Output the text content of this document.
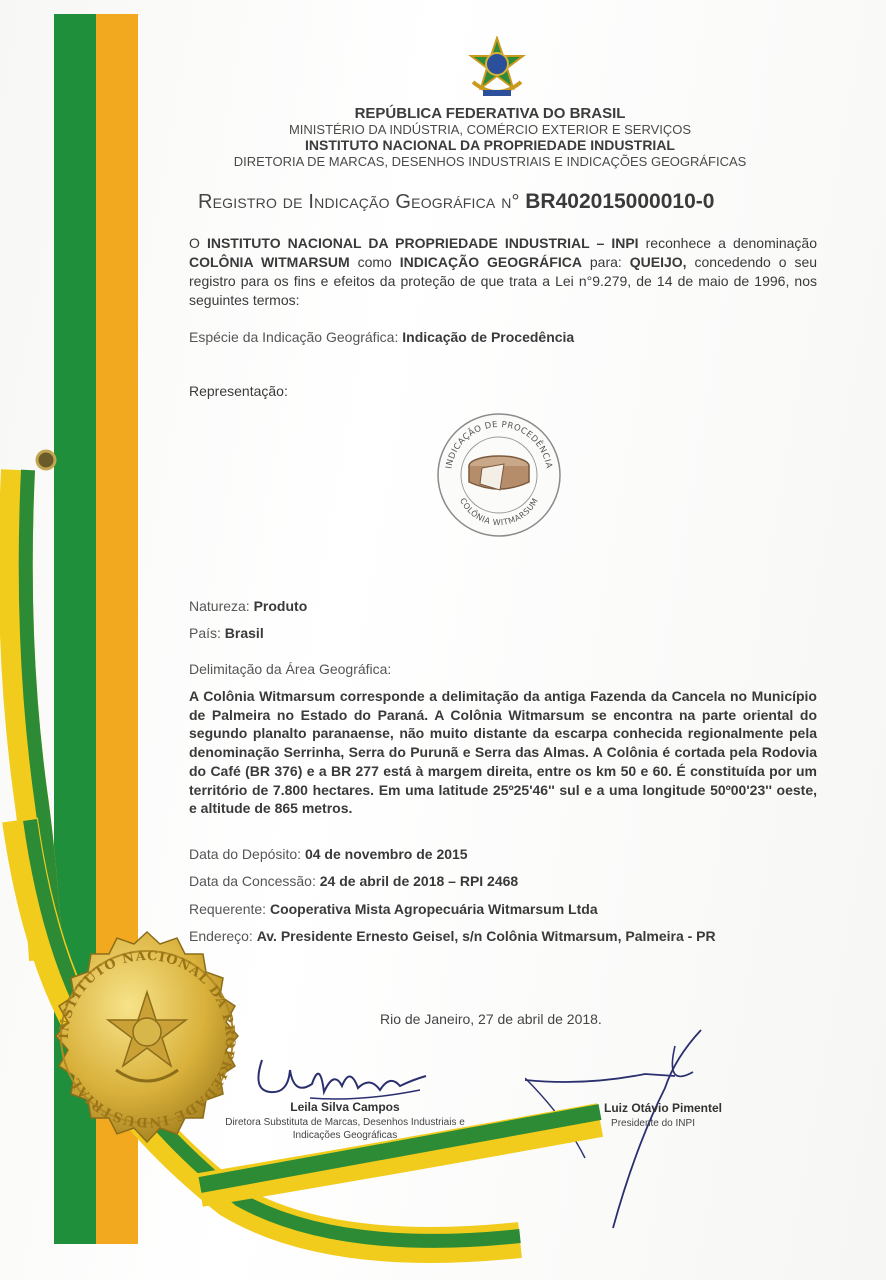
REPÚBLICA FEDERATIVA DO BRASIL
MINISTÉRIO DA INDÚSTRIA, COMÉRCIO EXTERIOR E SERVIÇOS
INSTITUTO NACIONAL DA PROPRIEDADE INDUSTRIAL
DIRETORIA DE MARCAS, DESENHOS INDUSTRIAIS E INDICAÇÕES GEOGRÁFICAS
Registro de Indicação Geográfica n° BR402015000010-0
O INSTITUTO NACIONAL DA PROPRIEDADE INDUSTRIAL – INPI reconhece a denominação COLÔNIA WITMARSUM como INDICAÇÃO GEOGRÁFICA para: QUEIJO, concedendo o seu registro para os fins e efeitos da proteção de que trata a Lei n°9.279, de 14 de maio de 1996, nos seguintes termos:
Espécie da Indicação Geográfica: Indicação de Procedência
Representação:
INDICAÇÃO DE PROCEDÊNCIA
COLÔNIA WITMARSUM
Natureza: Produto
País: Brasil
Delimitação da Área Geográfica:
A Colônia Witmarsum corresponde a delimitação da antiga Fazenda da Cancela no Município de Palmeira no Estado do Paraná. A Colônia Witmarsum se encontra na parte oriental do segundo planalto paranaense, não muito distante da escarpa conhecida regionalmente pela denominação Serrinha, Serra do Purunã e Serra das Almas. A Colônia é cortada pela Rodovia do Café (BR 376) e a BR 277 está à margem direita, entre os km 50 e 60. É constituída por um território de 7.800 hectares. Em uma latitude 25º25'46'' sul e a uma longitude 50º00'23'' oeste, e altitude de 865 metros.
Data do Depósito: 04 de novembro de 2015
Data da Concessão: 24 de abril de 2018 – RPI 2468
Requerente: Cooperativa Mista Agropecuária Witmarsum Ltda
Endereço: Av. Presidente Ernesto Geisel, s/n Colônia Witmarsum, Palmeira - PR
Rio de Janeiro, 27 de abril de 2018.
Leila Silva Campos
Diretora Substituta de Marcas, Desenhos Industriais e
Indicações Geográficas
Luiz Otávio Pimentel
Presidente do INPI
INSTITUTO NACIONAL DA PROPRIEDADE INDUSTRIAL
